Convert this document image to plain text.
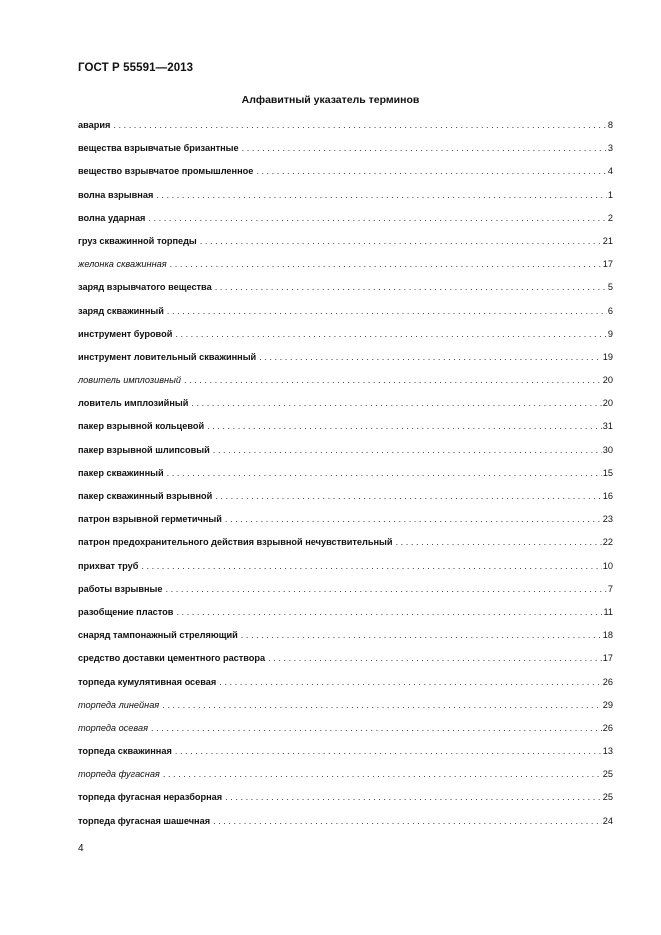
ГОСТ Р 55591—2013
Алфавитный указатель терминов
авария . . .	8
вещества взрывчатые бризантные . . .	3
вещество взрывчатое промышленное . . .	4
волна взрывная . . .	1
волна ударная . . .	2
груз скважинной торпеды . . .	21
желонка скважинная . . .	17
заряд взрывчатого вещества . . .	5
заряд скважинный . . .	6
инструмент буровой . . .	9
инструмент ловительный скважинный . . .	19
ловитель имплозивный . . .	20
ловитель имплозийный . . .	20
пакер взрывной кольцевой . . .	31
пакер взрывной шлипсовый . . .	30
пакер скважинный . . .	15
пакер скважинный взрывной . . .	16
патрон взрывной герметичный . . .	23
патрон предохранительного действия взрывной нечувствительный . . .	22
прихват труб . . .	10
работы взрывные . . .	7
разобщение пластов . . .	11
снаряд тампонажный стреляющий . . .	18
средство доставки цементного раствора . . .	17
торпеда кумулятивная осевая . . .	26
торпеда линейная . . .	29
торпеда осевая . . .	26
торпеда скважинная . . .	13
торпеда фугасная . . .	25
торпеда фугасная неразборная . . .	25
торпеда фугасная шашечная . . .	24
4
